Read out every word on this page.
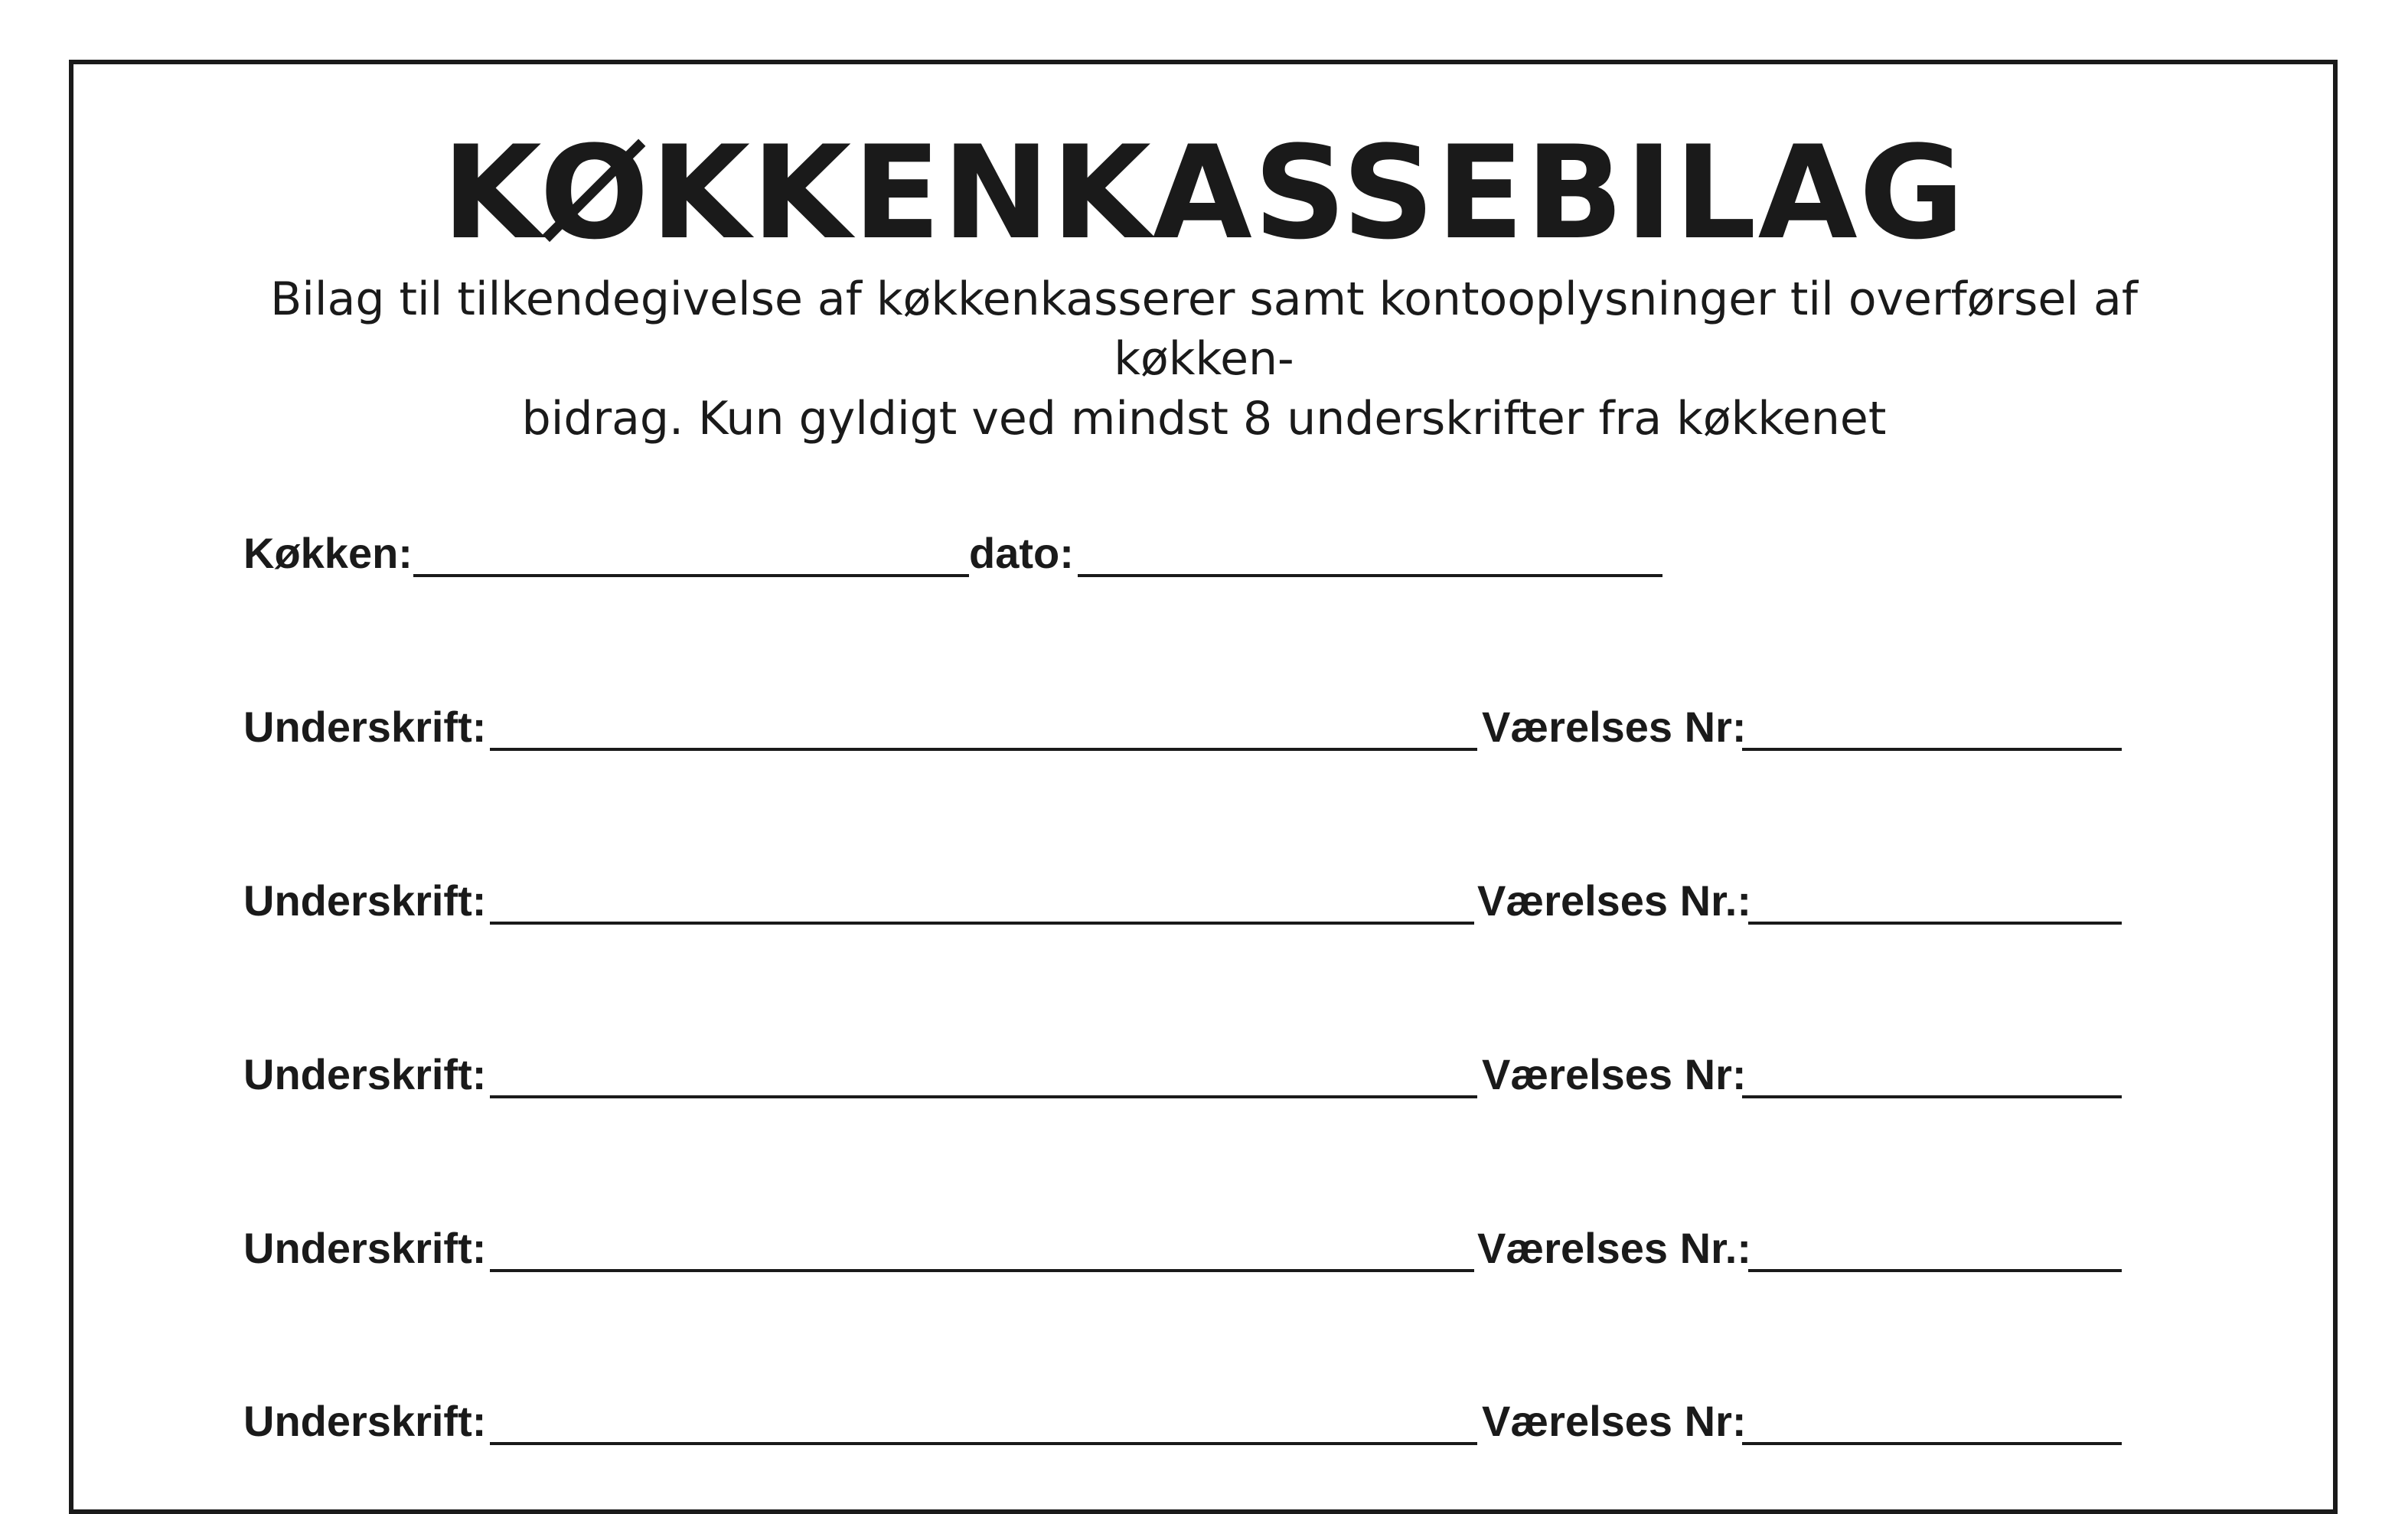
KØKKENKASSEBILAG

Bilag til tilkendegivelse af køkkenkasserer samt kontooplysninger til overførsel af køkken-
bidrag. Kun gyldigt ved mindst 8 underskrifter fra køkkenet

Køkken:	dato:
Underskrift:	Værelses Nr:
Underskrift:	Værelses Nr.:
Underskrift:	Værelses Nr:
Underskrift:	Værelses Nr.:
Underskrift:	Værelses Nr:
